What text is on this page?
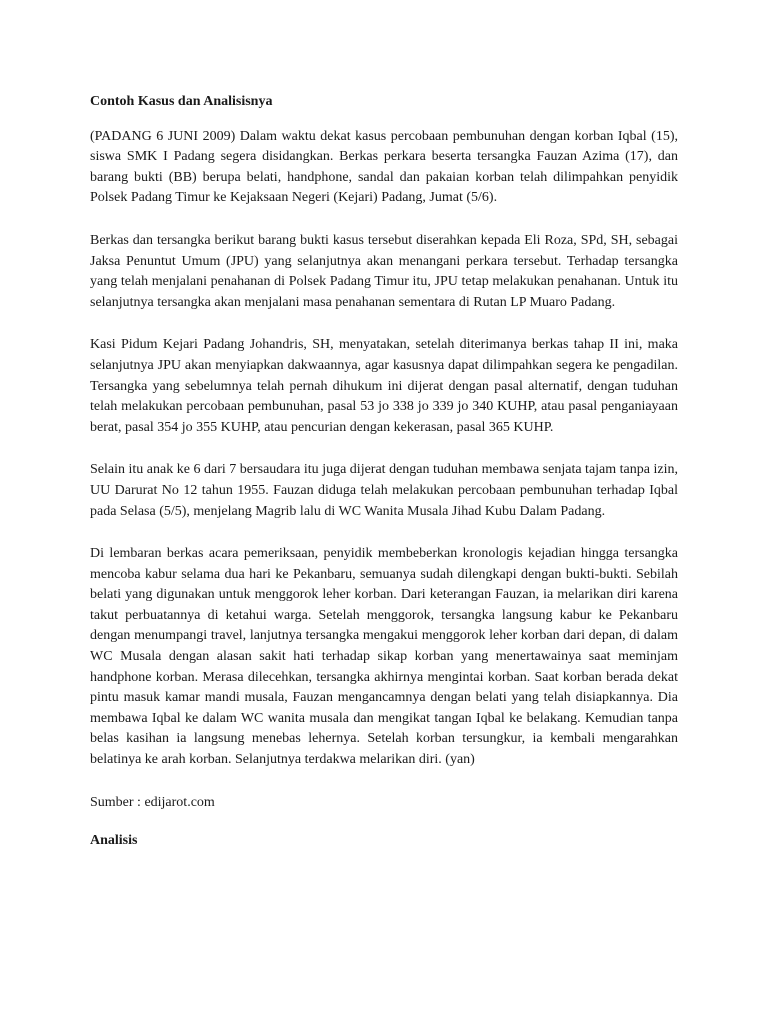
Contoh Kasus dan Analisisnya

(PADANG 6 JUNI 2009) Dalam waktu dekat kasus percobaan pembunuhan dengan korban Iqbal (15), siswa SMK I Padang segera disidangkan. Berkas perkara beserta tersangka Fauzan Azima (17), dan barang bukti (BB) berupa belati, handphone, sandal dan pakaian korban telah dilimpahkan penyidik Polsek Padang Timur ke Kejaksaan Negeri (Kejari) Padang, Jumat (5/6).

Berkas dan tersangka berikut barang bukti kasus tersebut diserahkan kepada Eli Roza, SPd, SH, sebagai Jaksa Penuntut Umum (JPU) yang selanjutnya akan menangani perkara tersebut. Terhadap tersangka yang telah menjalani penahanan di Polsek Padang Timur itu, JPU tetap melakukan penahanan. Untuk itu selanjutnya tersangka akan menjalani masa penahanan sementara di Rutan LP Muaro Padang.

Kasi Pidum Kejari Padang Johandris, SH, menyatakan, setelah diterimanya berkas tahap II ini, maka selanjutnya JPU akan menyiapkan dakwaannya, agar kasusnya dapat dilimpahkan segera ke pengadilan. Tersangka yang sebelumnya telah pernah dihukum ini dijerat dengan pasal alternatif, dengan tuduhan telah melakukan percobaan pembunuhan, pasal 53 jo 338 jo 339 jo 340 KUHP, atau pasal penganiayaan berat, pasal 354 jo 355 KUHP, atau pencurian dengan kekerasan, pasal 365 KUHP.

Selain itu anak ke 6 dari 7 bersaudara itu juga dijerat dengan tuduhan membawa senjata tajam tanpa izin, UU Darurat No 12 tahun 1955. Fauzan diduga telah melakukan percobaan pembunuhan terhadap Iqbal pada Selasa (5/5), menjelang Magrib lalu di WC Wanita Musala Jihad Kubu Dalam Padang.

Di lembaran berkas acara pemeriksaan, penyidik membeberkan kronologis kejadian hingga tersangka mencoba kabur selama dua hari ke Pekanbaru, semuanya sudah dilengkapi dengan bukti-bukti. Sebilah belati yang digunakan untuk menggorok leher korban. Dari keterangan Fauzan, ia melarikan diri karena takut perbuatannya di ketahui warga. Setelah menggorok, tersangka langsung kabur ke Pekanbaru dengan menumpangi travel, lanjutnya tersangka mengakui menggorok leher korban dari depan, di dalam WC Musala dengan alasan sakit hati terhadap sikap korban yang menertawainya saat meminjam handphone korban. Merasa dilecehkan, tersangka akhirnya mengintai korban. Saat korban berada dekat pintu masuk kamar mandi musala, Fauzan mengancamnya dengan belati yang telah disiapkannya. Dia membawa Iqbal ke dalam WC wanita musala dan mengikat tangan Iqbal ke belakang. Kemudian tanpa belas kasihan ia langsung menebas lehernya. Setelah korban tersungkur, ia kembali mengarahkan belatinya ke arah korban. Selanjutnya terdakwa melarikan diri. (yan)

Sumber : edijarot.com

Analisis
